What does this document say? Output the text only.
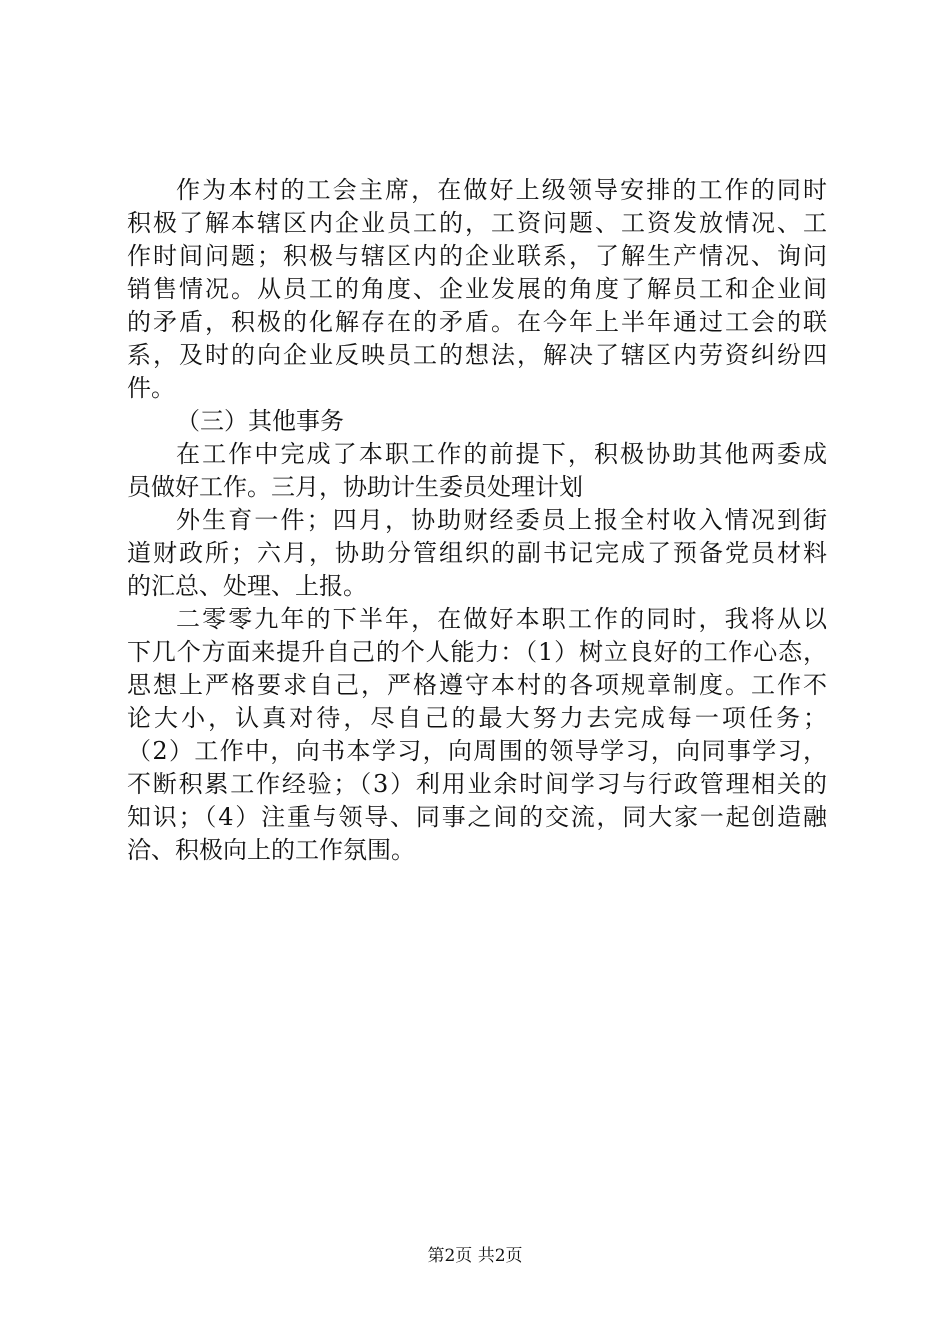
作为本村的工会主席，在做好上级领导安排的工作的同时
积极了解本辖区内企业员工的，工资问题、工资发放情况、工
作时间问题；积极与辖区内的企业联系，了解生产情况、询问
销售情况。从员工的角度、企业发展的角度了解员工和企业间
的矛盾，积极的化解存在的矛盾。在今年上半年通过工会的联
系，及时的向企业反映员工的想法，解决了辖区内劳资纠纷四
件。
（三）其他事务
在工作中完成了本职工作的前提下，积极协助其他两委成
员做好工作。三月，协助计生委员处理计划
外生育一件；四月，协助财经委员上报全村收入情况到街
道财政所；六月，协助分管组织的副书记完成了预备党员材料
的汇总、处理、上报。
二零零九年的下半年，在做好本职工作的同时，我将从以
下几个方面来提升自己的个人能力：（1）树立良好的工作心态，
思想上严格要求自己，严格遵守本村的各项规章制度。工作不
论大小，认真对待，尽自己的最大努力去完成每一项任务；
（2）工作中，向书本学习，向周围的领导学习，向同事学习，
不断积累工作经验；（3）利用业余时间学习与行政管理相关的
知识；（4）注重与领导、同事之间的交流，同大家一起创造融
洽、积极向上的工作氛围。
第2页 共2页
